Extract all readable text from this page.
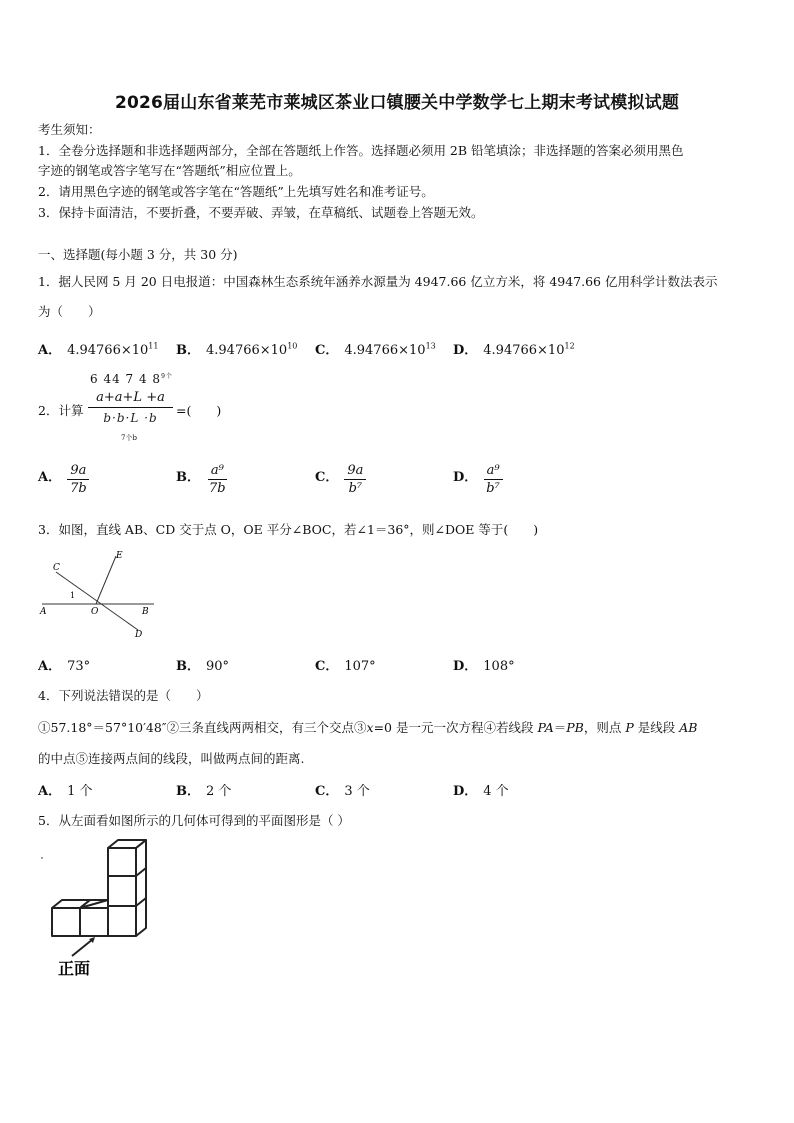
2026届山东省莱芜市莱城区茶业口镇腰关中学数学七上期末考试模拟试题
考生须知：
1．全卷分选择题和非选择题两部分，全部在答题纸上作答。选择题必须用 2B 铅笔填涂；非选择题的答案必须用黑色
字迹的钢笔或答字笔写在“答题纸”相应位置上。
2．请用黑色字迹的钢笔或答字笔在“答题纸”上先填写姓名和准考证号。
3．保持卡面清洁，不要折叠，不要弄破、弄皱，在草稿纸、试题卷上答题无效。
一、选择题(每小题 3 分，共 30 分)
1．据人民网 5 月 20 日电报道：中国森林生态系统年涵养水源量为 4947.66 亿立方米，将 4947.66 亿用科学计数法表示
为（　　）
A． $4.94766\times 10^{11}$ B． $4.94766\times 10^{10}$ C． $4.94766\times 10^{13}$ D． $4.94766\times 10^{12}$
6 44 7 4 $8^{9个}$
2．计算 $\frac{a+a+L +a}{b\cdot b\cdot L \cdot b}$
7个b
=(　　)
A． $\frac{9a}{7b}$	B． $\frac{\text{a⁹}}{7b}$	C． $\frac{9a}{\text{b⁷}}$	D． $\frac{\text{a⁹}}{\text{b⁷}}$
3．如图，直线 AB、CD 交于点 O，OE 平分∠BOC，若∠1＝36°，则∠DOE 等于(　　)
C
E
1
A	O	B
D
A． 73°	B． 90°	C． 107°	D． 108°
4．下列说法错误的是（　　）
①57.18°＝57°10′48″②三条直线两两相交，有三个交点③x=0 是一元一次方程④若线段 PA＝PB，则点 P 是线段 AB
的中点⑤连接两点间的线段，叫做两点间的距离.
A． 1 个	B． 2 个	C． 3 个	D． 4 个
5．从左面看如图所示的几何体可得到的平面图形是（ ）
正面
